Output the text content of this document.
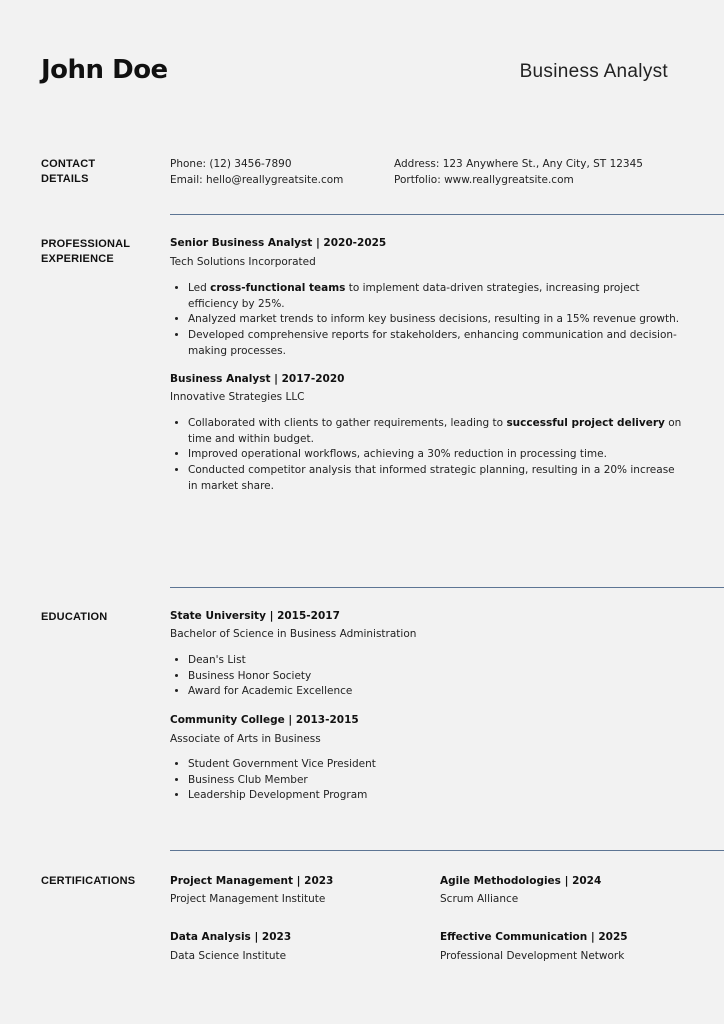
John Doe	Business Analyst
CONTACT
DETAILS
Phone: (12) 3456-7890
Email: hello@reallygreatsite.com
Address: 123 Anywhere St., Any City, ST 12345
Portfolio: www.reallygreatsite.com
PROFESSIONAL
EXPERIENCE
Senior Business Analyst | 2020-2025
Tech Solutions Incorporated
• Led cross-functional teams to implement data-driven strategies, increasing project efficiency by 25%.
• Analyzed market trends to inform key business decisions, resulting in a 15% revenue growth.
• Developed comprehensive reports for stakeholders, enhancing communication and decision-making processes.
Business Analyst | 2017-2020
Innovative Strategies LLC
• Collaborated with clients to gather requirements, leading to successful project delivery on time and within budget.
• Improved operational workflows, achieving a 30% reduction in processing time.
• Conducted competitor analysis that informed strategic planning, resulting in a 20% increase in market share.
EDUCATION	State University | 2015-2017
Bachelor of Science in Business Administration
• Dean's List
• Business Honor Society
• Award for Academic Excellence
Community College | 2013-2015
Associate of Arts in Business
• Student Government Vice President
• Business Club Member
• Leadership Development Program
CERTIFICATIONS	Project Management | 2023
Project Management Institute
Agile Methodologies | 2024
Scrum Alliance
Data Analysis | 2023
Data Science Institute
Effective Communication | 2025
Professional Development Network
